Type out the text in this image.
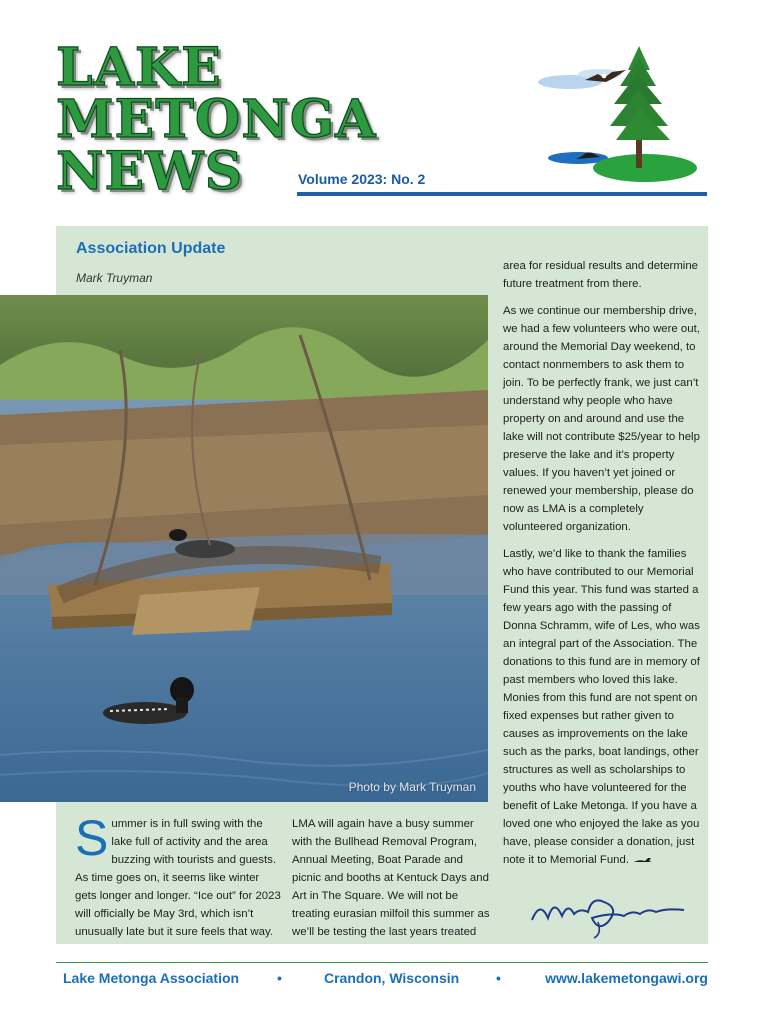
LAKE
METONGA
NEWS	Volume 2023: No. 2
Association Update
Mark Truyman
Photo by Mark Truyman
S ummer is in full swing with the lake full of activity and the area buzzing with tourists and guests. As time goes on, it seems like winter gets longer and longer. “Ice out” for 2023 will officially be May 3rd, which isn’t unusually late but it sure feels that way.
LMA will again have a busy summer with the Bullhead Removal Program, Annual Meeting, Boat Parade and picnic and booths at Kentuck Days and Art in The Square. We will not be treating eurasian milfoil this summer as we’ll be testing the last years treated

area for residual results and determine future treatment from there.

As we continue our membership drive, we had a few volunteers who were out, around the Memorial Day weekend, to contact nonmembers to ask them to join. To be perfectly frank, we just can’t understand why people who have property on and around and use the lake will not contribute $25/year to help preserve the lake and it’s property values. If you haven’t yet joined or renewed your membership, please do now as LMA is a completely volunteered organization.

Lastly, we’d like to thank the families who have contributed to our Memorial Fund this year. This fund was started a few years ago with the passing of Donna Schramm, wife of Les, who was an integral part of the Association. The donations to this fund are in memory of past members who loved this lake. Monies from this fund are not spent on fixed expenses but rather given to causes as improvements on the lake such as the parks, boat landings, other structures as well as scholarships to youths who have volunteered for the benefit of Lake Metonga. If you have a loved one who enjoyed the lake as you have, please consider a donation, just note it to Memorial Fund.

Lake Metonga Association	•	Crandon, Wisconsin	•	www.lakemetongawi.org
